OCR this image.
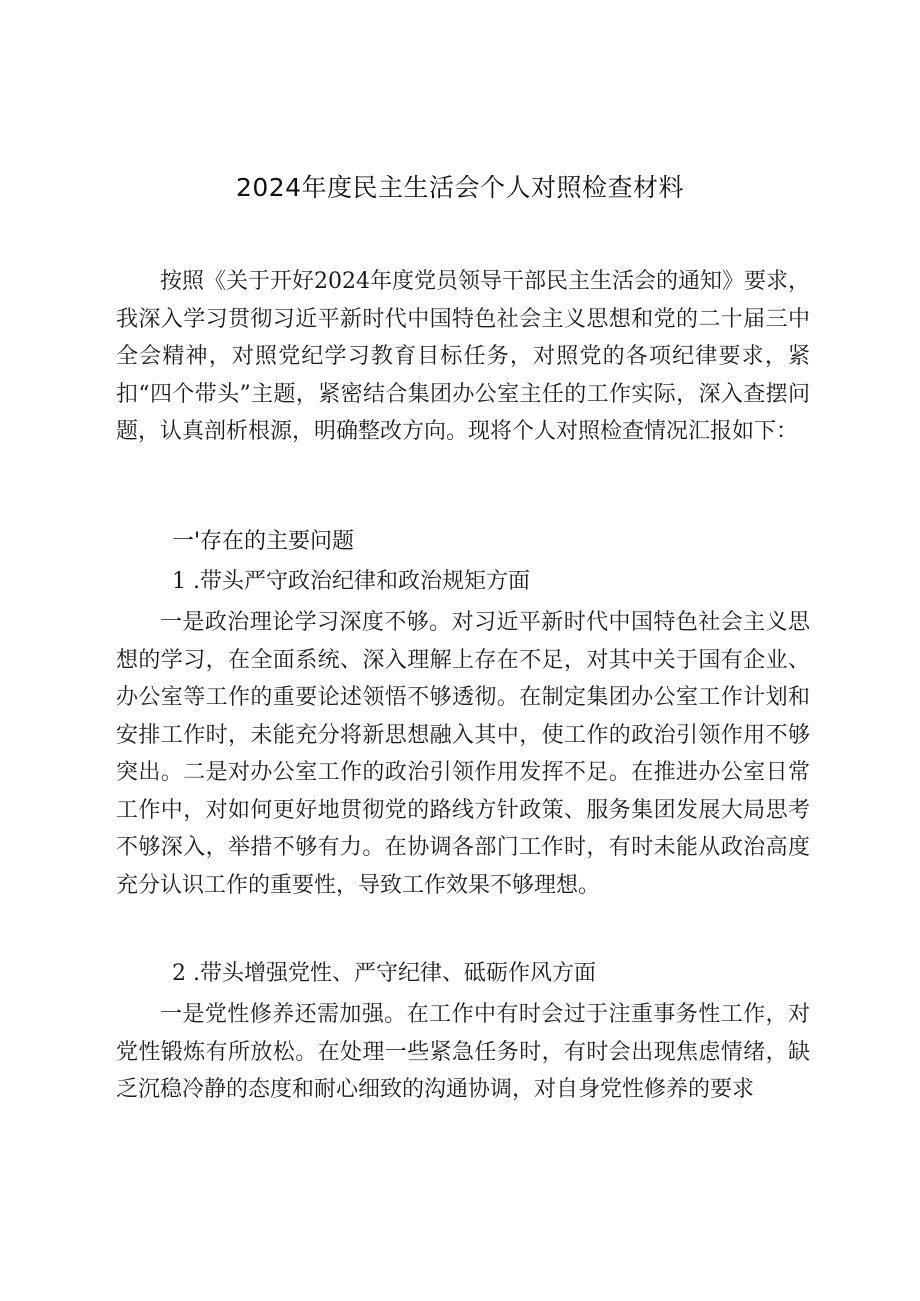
2024年度民主生活会个人对照检查材料

按照《关于开好2024年度党员领导干部民主生活会的通知》要求，我深入学习贯彻习近平新时代中国特色社会主义思想和党的二十届三中全会精神，对照党纪学习教育目标任务，对照党的各项纪律要求，紧扣“四个带头”主题，紧密结合集团办公室主任的工作实际，深入查摆问题，认真剖析根源，明确整改方向。现将个人对照检查情况汇报如下：

一'存在的主要问题
1 .带头严守政治纪律和政治规矩方面

一是政治理论学习深度不够。对习近平新时代中国特色社会主义思想的学习，在全面系统、深入理解上存在不足，对其中关于国有企业、办公室等工作的重要论述领悟不够透彻。在制定集团办公室工作计划和安排工作时，未能充分将新思想融入其中，使工作的政治引领作用不够突出。二是对办公室工作的政治引领作用发挥不足。在推进办公室日常工作中，对如何更好地贯彻党的路线方针政策、服务集团发展大局思考不够深入，举措不够有力。在协调各部门工作时，有时未能从政治高度充分认识工作的重要性，导致工作效果不够理想。

2 .带头增强党性、严守纪律、砥砺作风方面

一是党性修养还需加强。在工作中有时会过于注重事务性工作，对党性锻炼有所放松。在处理一些紧急任务时，有时会出现焦虑情绪，缺乏沉稳冷静的态度和耐心细致的沟通协调，对自身党性修养的要求
